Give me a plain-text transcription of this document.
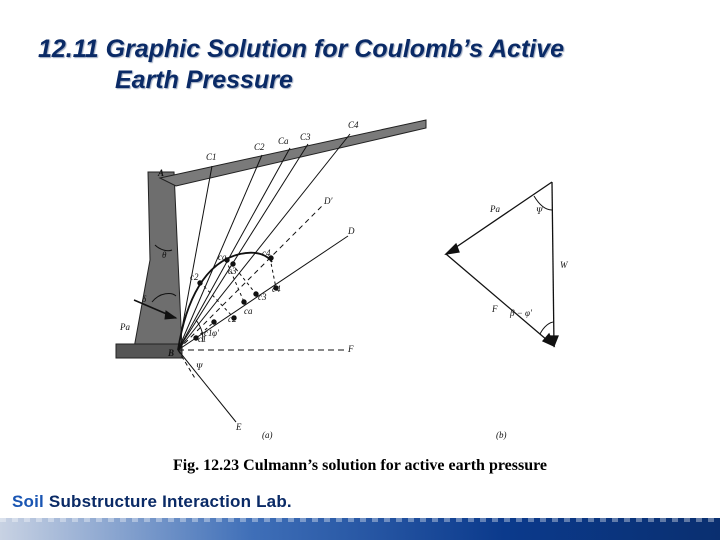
12.11 Graphic Solution for Coulomb’s Active

Earth Pressure
A
B
C1
C2
Ca C3
C4
D′
D
F
E
c1
c2
ca
c3
c4
c1
c2
ca
c3
c4
Pa
φ′
Ψ
θ
δ
(a)
Pa	Ψ
W
F β − φ′
(b)
Fig. 12.23 Culmann’s solution for active earth pressure
Soil Substructure Interaction Lab.
